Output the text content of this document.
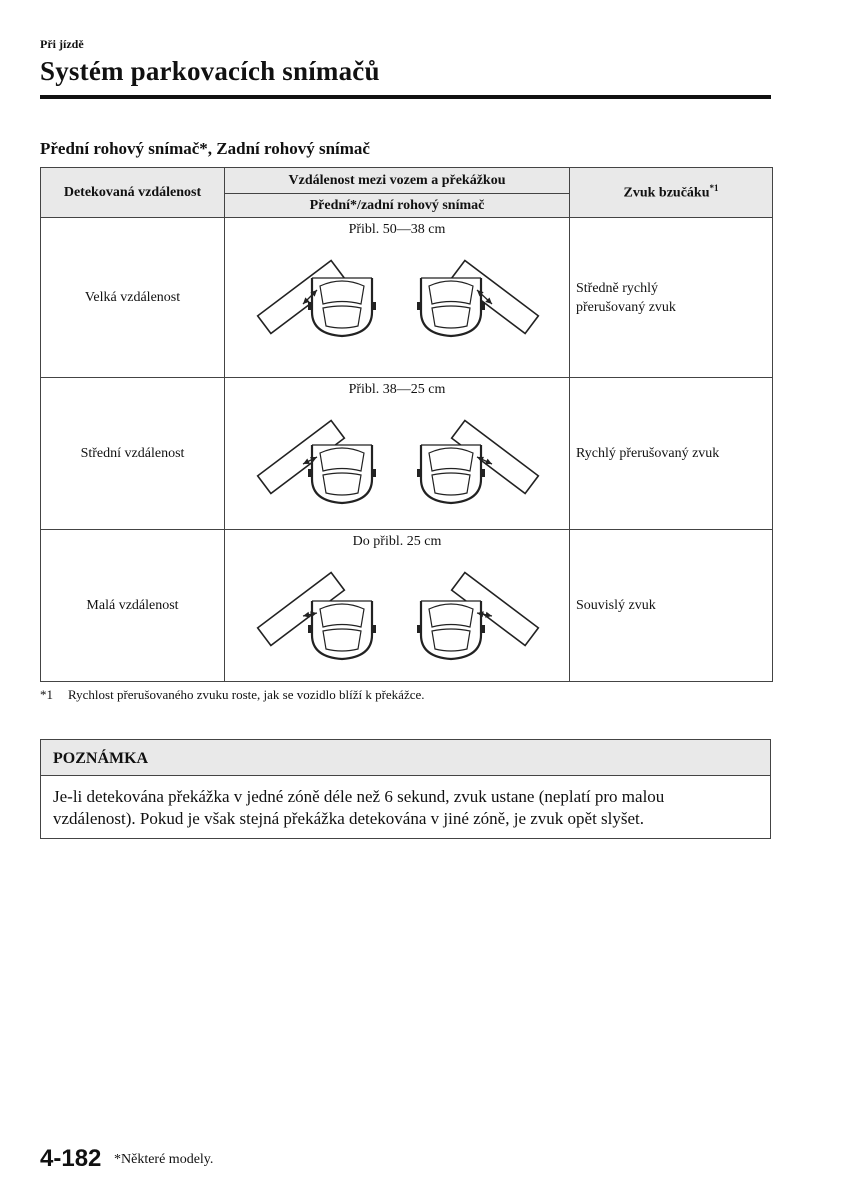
Při jízdě
Systém parkovacích snímačů
Přední rohový snímač*, Zadní rohový snímač
Detekovaná vzdálenost	Vzdálenost mezi vozem a překážkou	Zvuk bzučáku$^{*1}$
	Přední*/zadní rohový snímač	
Velká vzdálenost	Přibl. 50—38 cm	Středně rychlý
přerušovaný zvuk
Střední vzdálenost	Přibl. 38—25 cm	Rychlý přerušovaný zvuk
Malá vzdálenost	Do přibl. 25 cm	Souvislý zvuk
*1 Rychlost přerušovaného zvuku roste, jak se vozidlo blíží k překážce.
POZNÁMKA
Je-li detekována překážka v jedné zóně déle než 6 sekund, zvuk ustane (neplatí pro malou
vzdálenost). Pokud je však stejná překážka detekována v jiné zóně, je zvuk opět slyšet.
4-182 *Některé modely.
